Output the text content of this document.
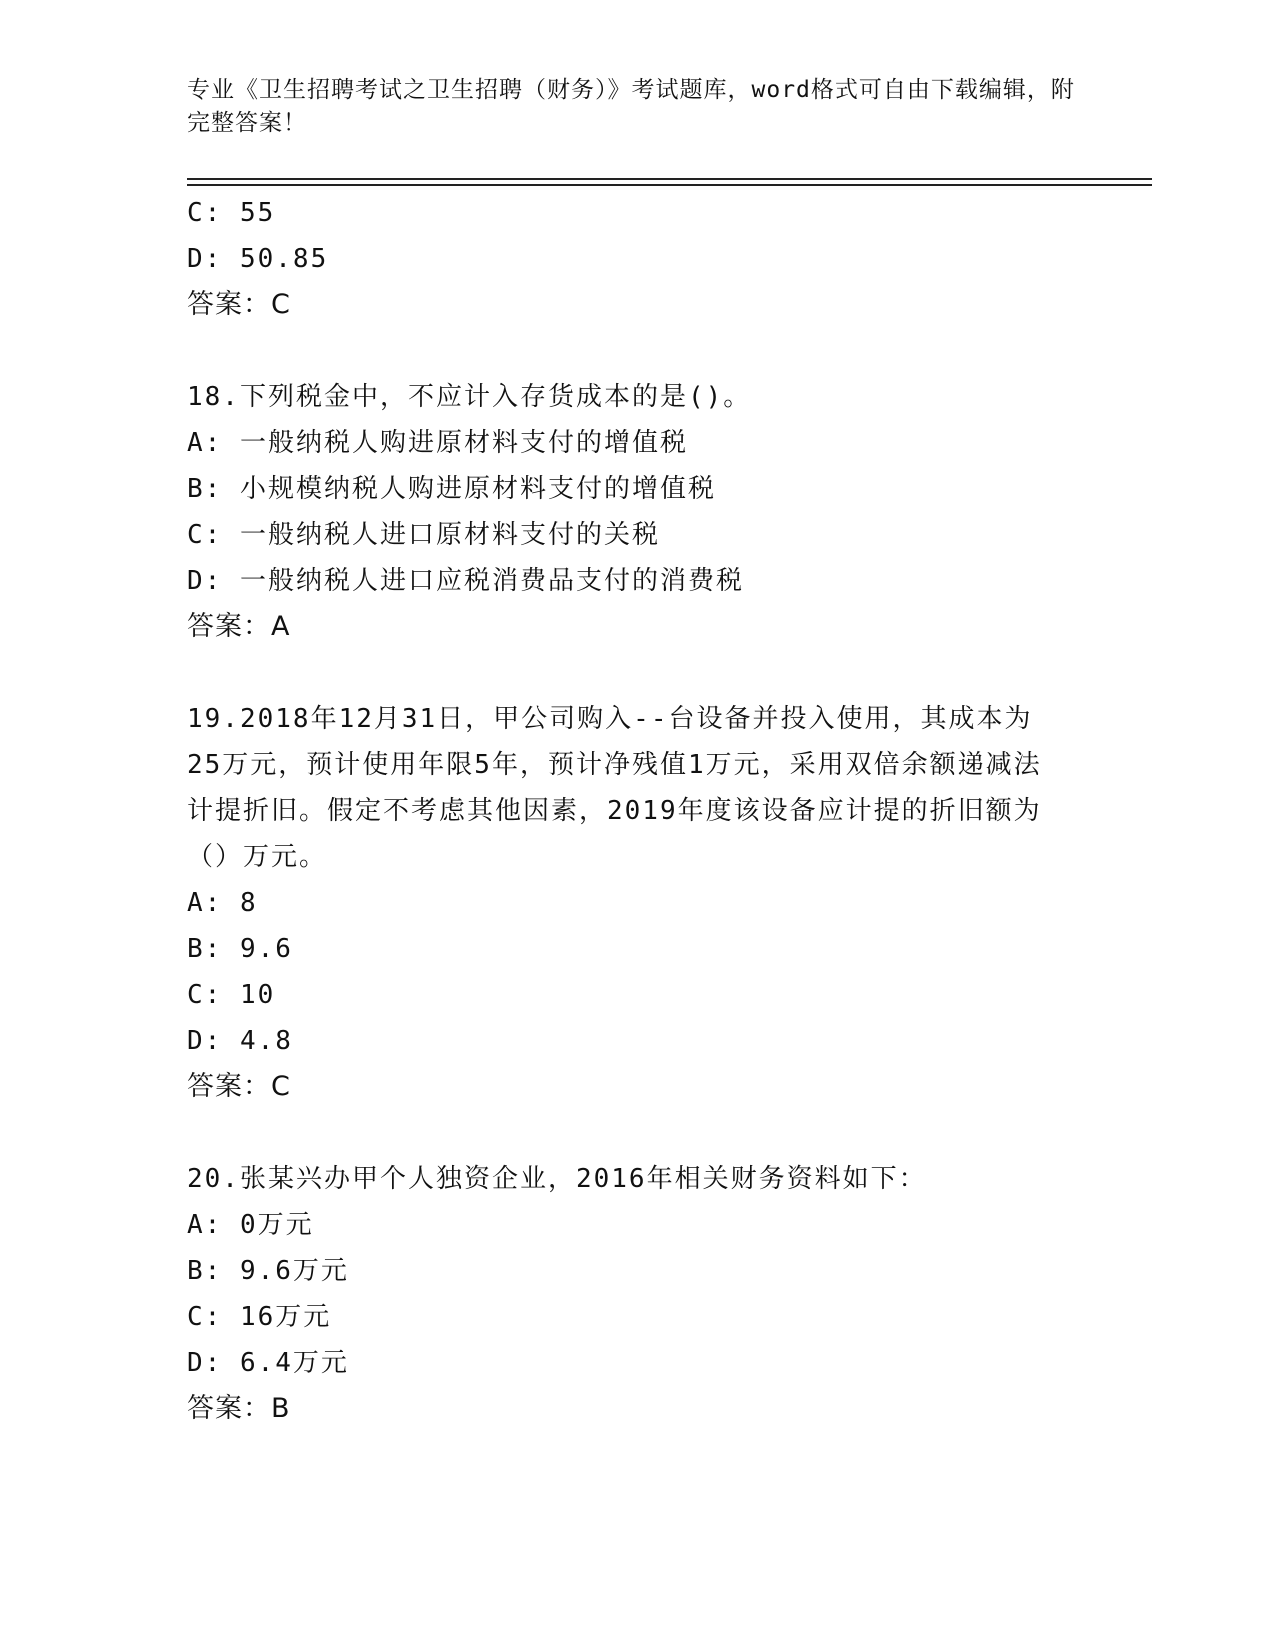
专业《卫生招聘考试之卫生招聘（财务）》考试题库，word格式可自由下载编辑，附完整答案！
C: 55
D: 50.85
答案：C
18.下列税金中，不应计入存货成本的是()。
A: 一般纳税人购进原材料支付的增值税
B: 小规模纳税人购进原材料支付的增值税
C: 一般纳税人进口原材料支付的关税
D: 一般纳税人进口应税消费品支付的消费税
答案：A
19.2018年12月31日，甲公司购入--台设备并投入使用，其成本为25万元，预计使用年限5年，预计净残值1万元，采用双倍余额递减法计提折旧。假定不考虑其他因素，2019年度该设备应计提的折旧额为（）万元。
A: 8
B: 9.6
C: 10
D: 4.8
答案：C
20.张某兴办甲个人独资企业，2016年相关财务资料如下：
A: 0万元
B: 9.6万元
C: 16万元
D: 6.4万元
答案：B
